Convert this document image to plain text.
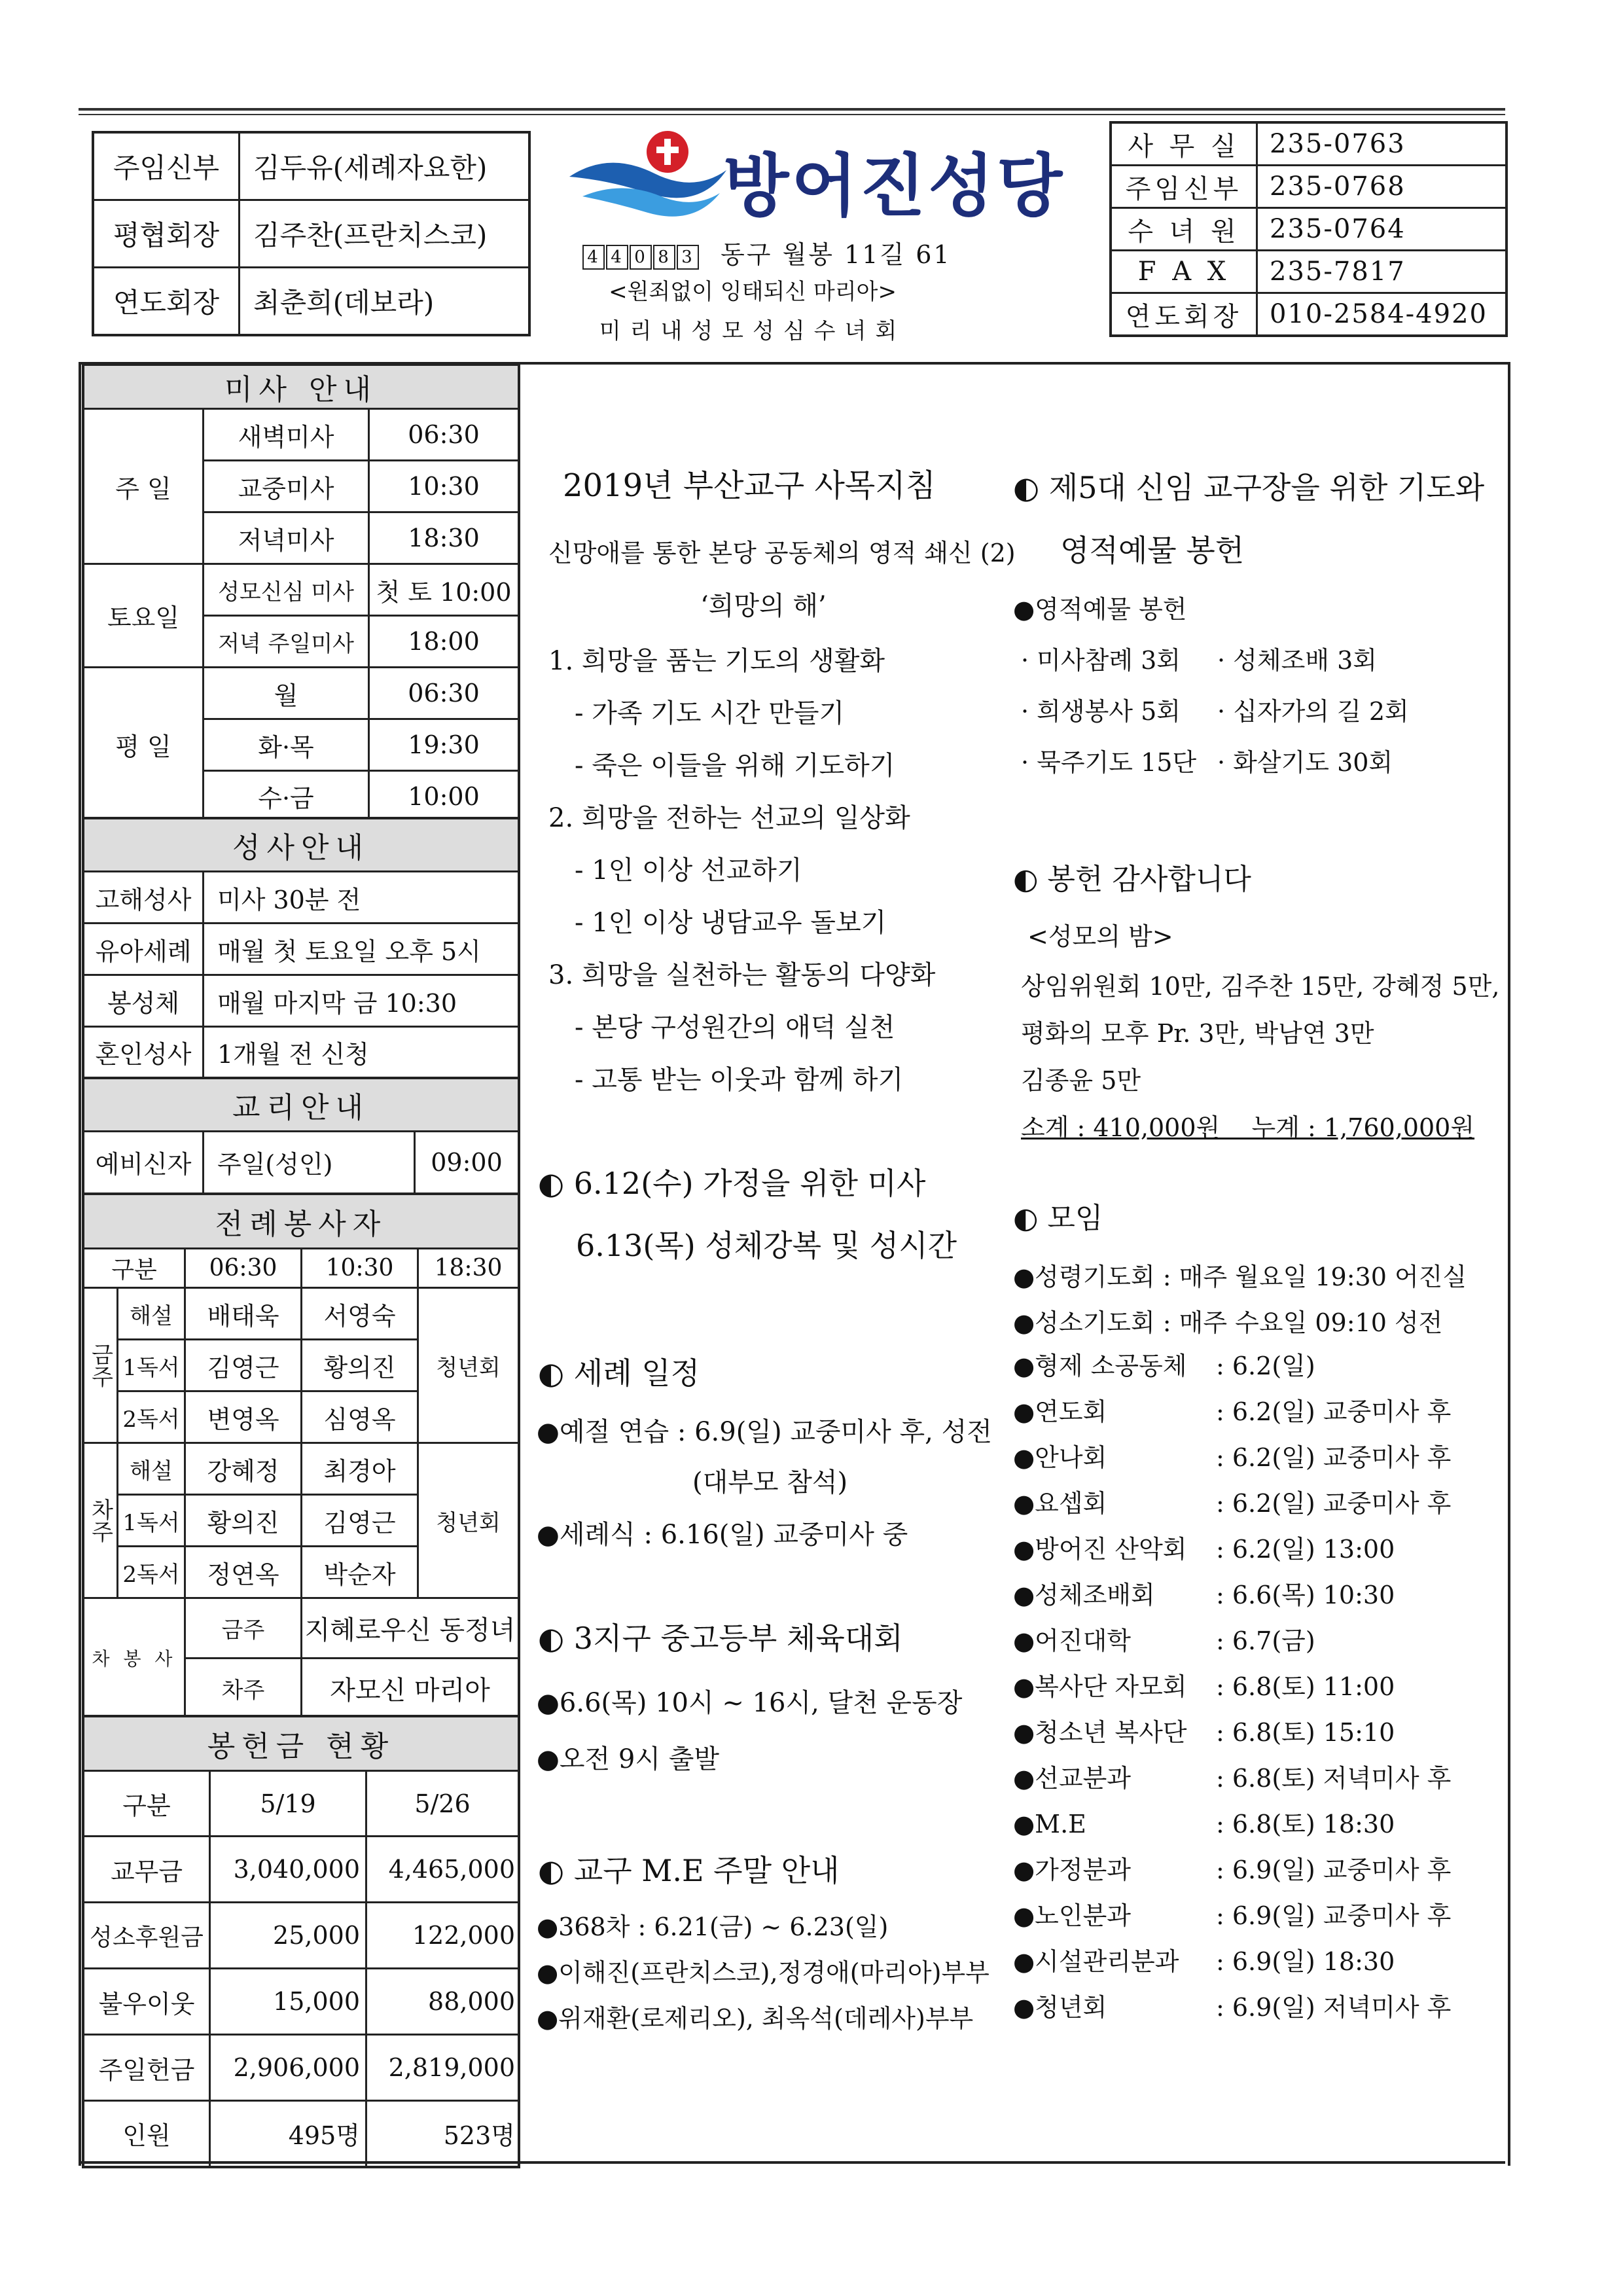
주임신부	김두유(세례자요한)
평협회장	김주찬(프란치스코)
연도회장	최춘희(데보라)
방어진성당
4 4 0 8 3 동구 월봉 11길 61
<원죄없이 잉태되신 마리아>
미리내성모성심수녀회
사 무 실	235-0763
주임신부	235-0768
수 녀 원	235-0764
F A X	235-7817
연도회장	010-2584-4920
미사 안내		
주 일	새벽미사	06:30
	교중미사	10:30
	저녁미사	18:30
토요일	성모신심 미사	첫 토 10:00
	저녁 주일미사	18:00
평 일	월	06:30
	화·목	19:30
	수·금	10:00
성사안내	
고해성사	미사 30분 전
유아세례	매월 첫 토요일 오후 5시
봉성체	매월 마지막 금 10:30
혼인성사	1개월 전 신청
교리안내
예비신자	주일(성인)	09:00
전례봉사자				
구분		06:30	10:30	18:30
금주	해설	배태욱	서영숙	청년회
	1독서	김영근	황의진	
	2독서	변영옥	심영옥	
차주	해설	강혜정	최경아	청년회
	1독서	황의진	김영근	
	2독서	정연옥	박순자	
차 봉 사		금주	지혜로우신 동정녀	
		차주	자모신 마리아	
봉헌금 현황		
구분	5/19	5/26
교무금	3,040,000	4,465,000
성소후원금	25,000	122,000
불우이웃	15,000	88,000
주일헌금	2,906,000	2,819,000
인원	495명	523명
2019년 부산교구 사목지침
신망애를 통한 본당 공동체의 영적 쇄신 (2)
‘희망의 해’
1. 희망을 품는 기도의 생활화
- 가족 기도 시간 만들기
- 죽은 이들을 위해 기도하기
2. 희망을 전하는 선교의 일상화
- 1인 이상 선교하기
- 1인 이상 냉담교우 돌보기
3. 희망을 실천하는 활동의 다양화
- 본당 구성원간의 애덕 실천
- 고통 받는 이웃과 함께 하기
◐ 6.12(수) 가정을 위한 미사
6.13(목) 성체강복 및 성시간
◐ 세례 일정
●예절 연습 : 6.9(일) 교중미사 후, 성전
(대부모 참석)
●세례식 : 6.16(일) 교중미사 중
◐ 3지구 중고등부 체육대회
●6.6(목) 10시 ~ 16시, 달천 운동장
●오전 9시 출발
◐ 교구 M.E 주말 안내
●368차 : 6.21(금) ~ 6.23(일)
●이해진(프란치스코),정경애(마리아)부부
●위재환(로제리오), 최옥석(데레사)부부
◐ 제5대 신임 교구장을 위한 기도와
영적예물 봉헌
●영적예물 봉헌
· 미사참례 3회 · 성체조배 3회
· 희생봉사 5회 · 십자가의 길 2회
· 묵주기도 15단 · 화살기도 30회
◐ 봉헌 감사합니다
<성모의 밤>
상임위원회 10만, 김주찬 15만, 강혜정 5만,
평화의 모후 Pr. 3만, 박남연 3만
김종윤 5만
소계 : 410,000원    누계 : 1,760,000원
◐ 모임
●성령기도회 : 매주 월요일 19:30 어진실
●성소기도회 : 매주 수요일 09:10 성전
●형제 소공동체	: 6.2(일)
●연도회	: 6.2(일) 교중미사 후
●안나회	: 6.2(일) 교중미사 후
●요셉회	: 6.2(일) 교중미사 후
●방어진 산악회	: 6.2(일) 13:00
●성체조배회	: 6.6(목) 10:30
●어진대학	: 6.7(금)
●복사단 자모회	: 6.8(토) 11:00
●청소년 복사단	: 6.8(토) 15:10
●선교분과	: 6.8(토) 저녁미사 후
●M.E	: 6.8(토) 18:30
●가정분과	: 6.9(일) 교중미사 후
●노인분과	: 6.9(일) 교중미사 후
●시설관리분과	: 6.9(일) 18:30
●청년회	: 6.9(일) 저녁미사 후
